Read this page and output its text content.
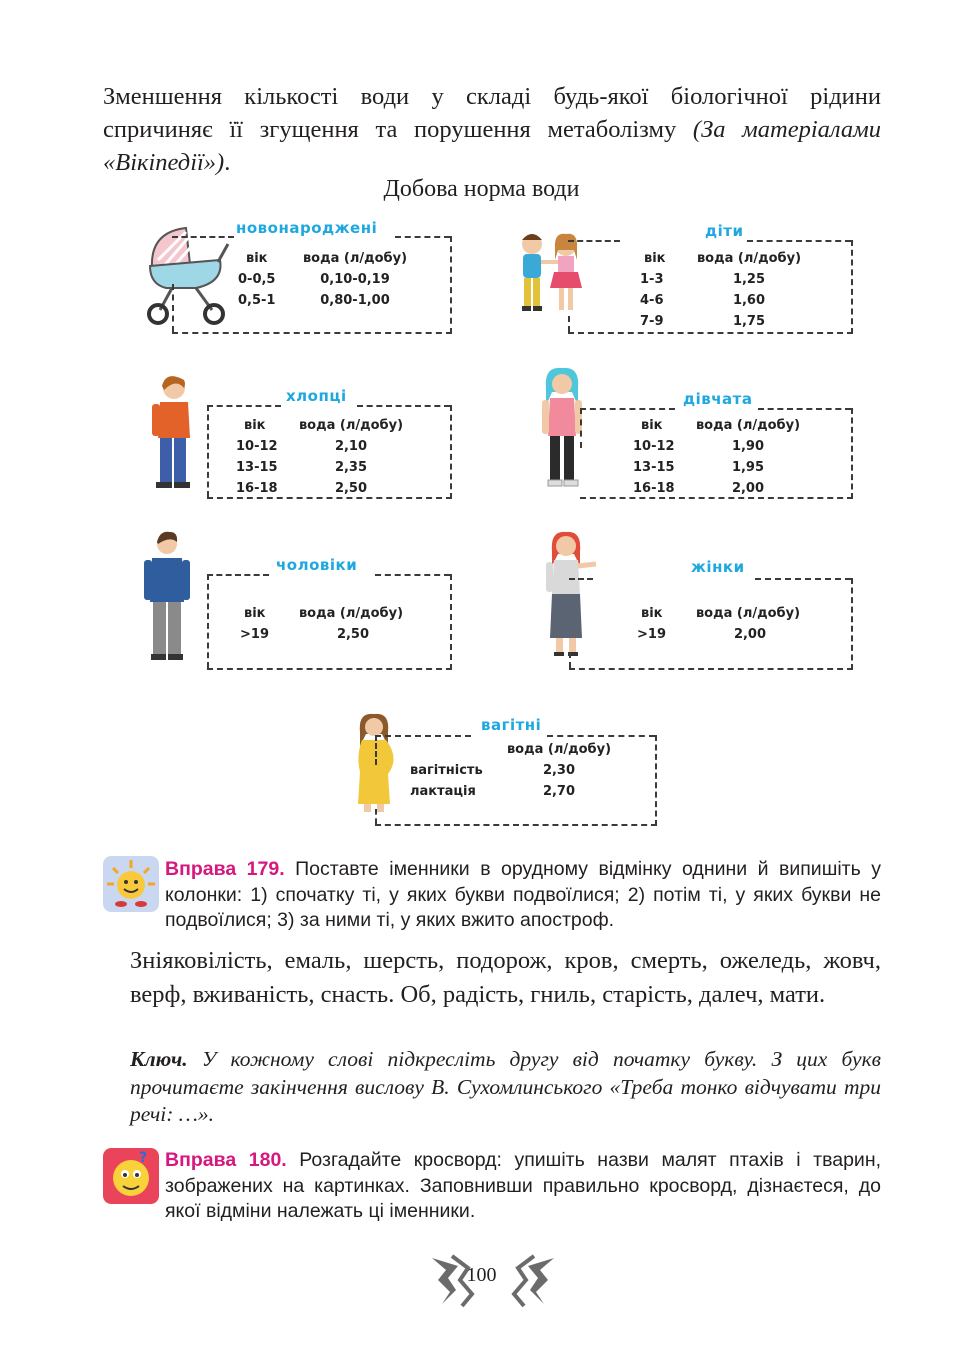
Зменшення кількості води у складі будь-якої біологічної рідини спричиняє її згущення та порушення метаболізму (За матеріалами «Вікіпедії»).
Добова норма води
новонароджені
вік	вода (л/добу)
0-0,5	0,10-0,19
0,5-1	0,80-1,00
діти
вік вода (л/добу)
1-3	1,25
4-6	1,60
7-9	1,75
хлопці
вік	вода (л/добу)
10-12	2,10
13-15	2,35
16-18	2,50
дівчата
вік	вода (л/добу)
10-12	1,90
13-15	1,95
16-18	2,00
чоловіки
вік	вода (л/добу)
>19	2,50
жінки
вік	вода (л/добу)
>19	2,00
вагітні
вода (л/добу)
вагітність	2,30
лактація	2,70
Вправа 179. Поставте іменники в орудному відмінку однини й випишіть у колонки: 1) спочатку ті, у яких букви подвоїлися; 2) потім ті, у яких букви не подвоїлися; 3) за ними ті, у яких вжито апостроф.
Зніяковілість, емаль, шерсть, подорож, кров, смерть, ожеледь, жовч, верф, вживаність, снасть. Об, радість, гниль, старість, далеч, мати.
Ключ. У кожному слові підкресліть другу від початку букву. З цих букв прочитаєте закінчення вислову В. Сухомлинського «Треба тонко відчувати три речі: …».
? Вправа 180. Розгадайте кросворд: упишіть назви малят птахів і тварин, зображених на картинках. Заповнивши правильно кросворд, дізнаєтеся, до якої відміни належать ці іменники.
100
